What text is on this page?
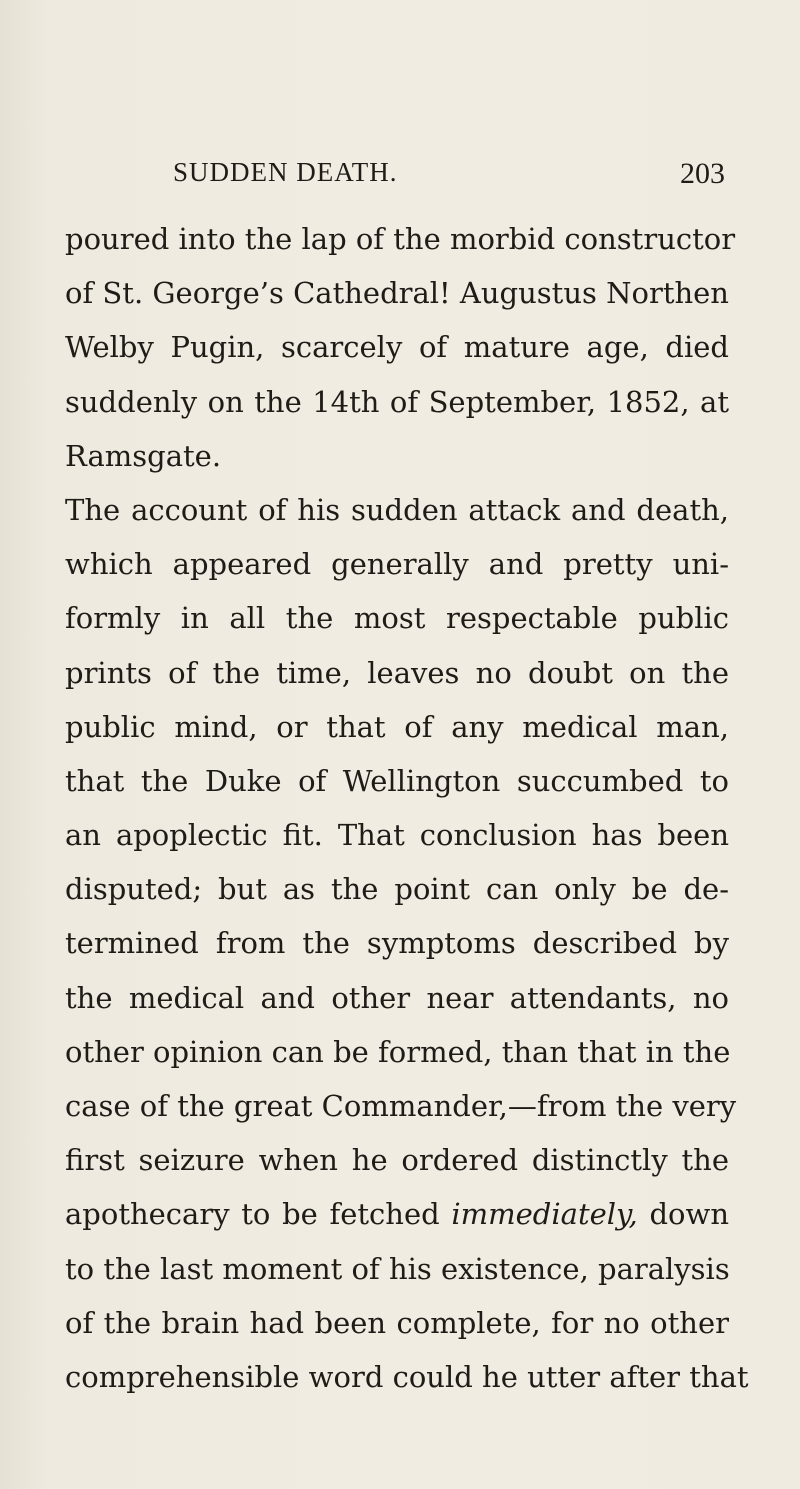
SUDDEN DEATH.	203
poured into the lap of the morbid constructor
of St. George’s Cathedral! Augustus Northen
Welby Pugin, scarcely of mature age, died
suddenly on the 14th of September, 1852, at
Ramsgate.
The account of his sudden attack and death,
which appeared generally and pretty uni-
formly in all the most respectable public
prints of the time, leaves no doubt on the
public mind, or that of any medical man,
that the Duke of Wellington succumbed to
an apoplectic fit. That conclusion has been
disputed; but as the point can only be de-
termined from the symptoms described by
the medical and other near attendants, no
other opinion can be formed, than that in the
case of the great Commander,—from the very
first seizure when he ordered distinctly the
apothecary to be fetched immediately, down
to the last moment of his existence, paralysis
of the brain had been complete, for no other
comprehensible word could he utter after that
